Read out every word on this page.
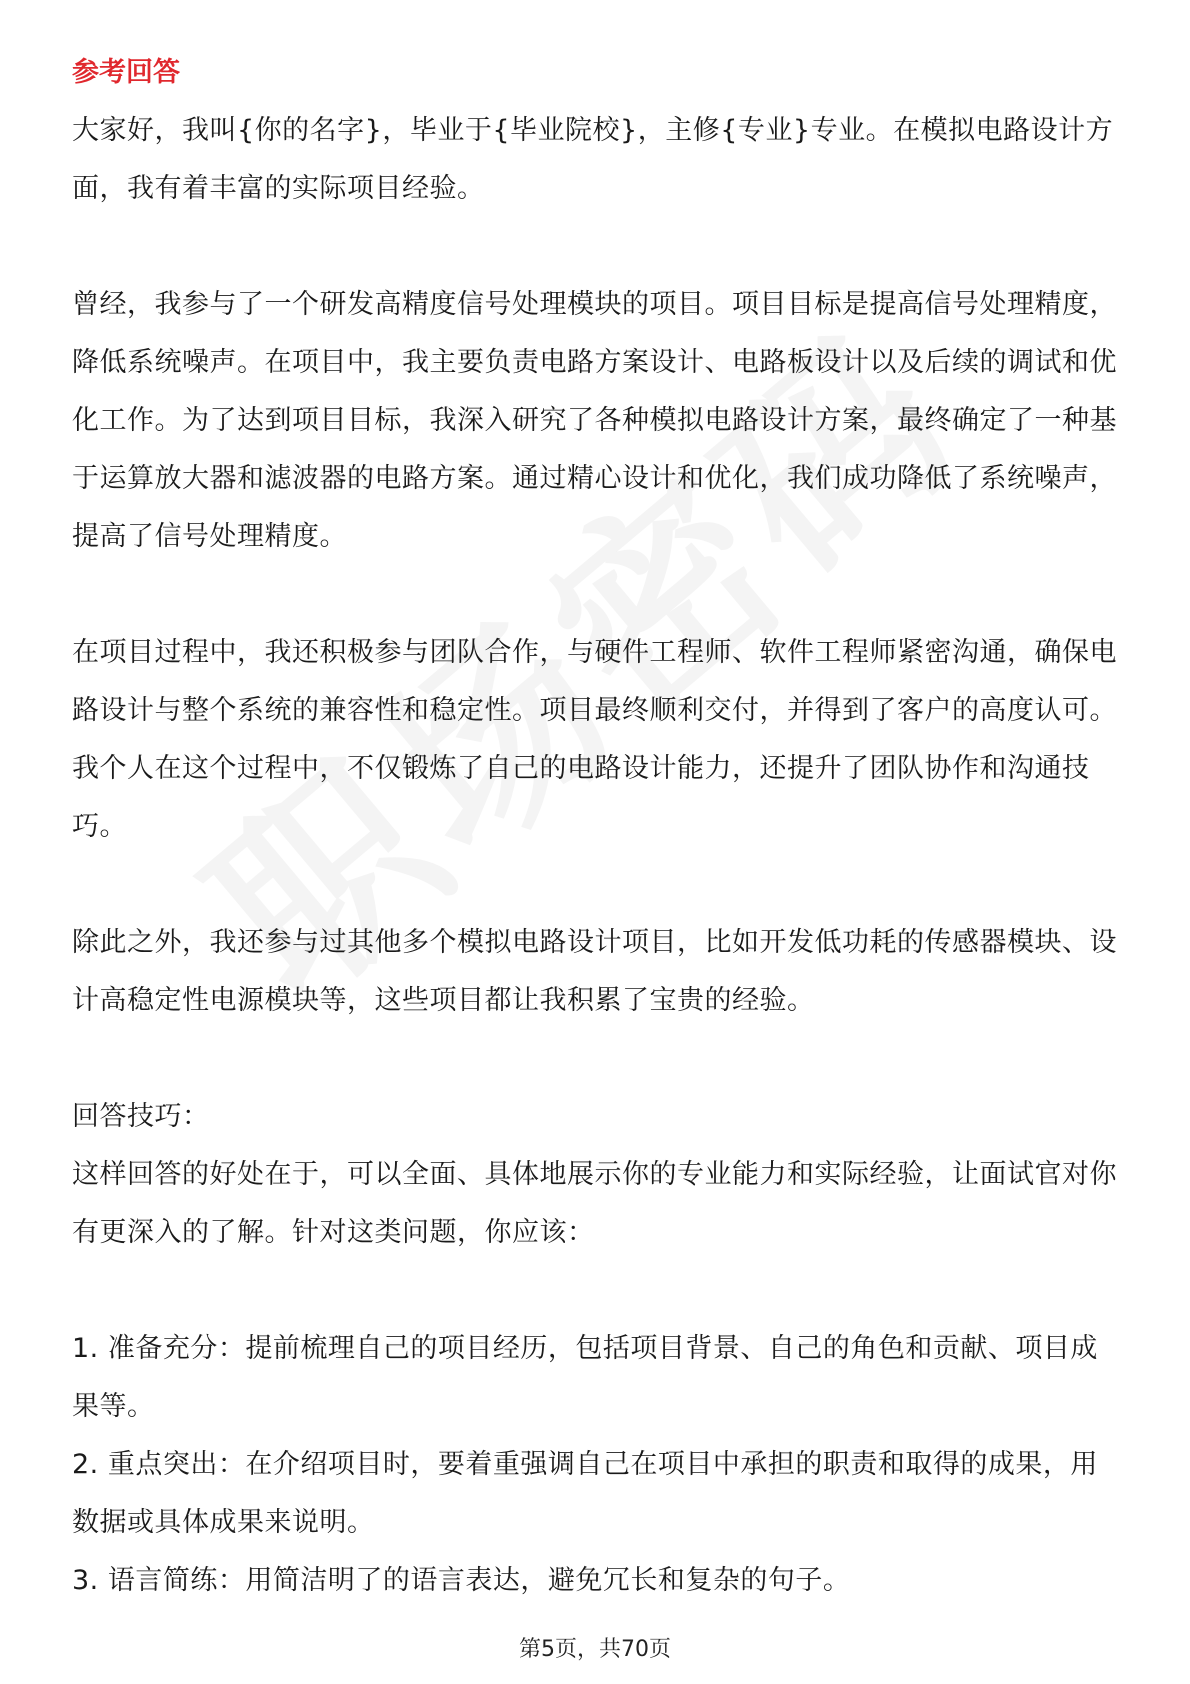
参考回答

大家好，我叫{你的名字}，毕业于{毕业院校}，主修{专业}专业。在模拟电路设计方面，我有着丰富的实际项目经验。

曾经，我参与了一个研发高精度信号处理模块的项目。项目目标是提高信号处理精度，降低系统噪声。在项目中，我主要负责电路方案设计、电路板设计以及后续的调试和优化工作。为了达到项目目标，我深入研究了各种模拟电路设计方案，最终确定了一种基于运算放大器和滤波器的电路方案。通过精心设计和优化，我们成功降低了系统噪声，提高了信号处理精度。

在项目过程中，我还积极参与团队合作，与硬件工程师、软件工程师紧密沟通，确保电路设计与整个系统的兼容性和稳定性。项目最终顺利交付，并得到了客户的高度认可。我个人在这个过程中，不仅锻炼了自己的电路设计能力，还提升了团队协作和沟通技巧。

除此之外，我还参与过其他多个模拟电路设计项目，比如开发低功耗的传感器模块、设计高稳定性电源模块等，这些项目都让我积累了宝贵的经验。

回答技巧：

这样回答的好处在于，可以全面、具体地展示你的专业能力和实际经验，让面试官对你有更深入的了解。针对这类问题，你应该：

1. 准备充分：提前梳理自己的项目经历，包括项目背景、自己的角色和贡献、项目成果等。

2. 重点突出：在介绍项目时，要着重强调自己在项目中承担的职责和取得的成果，用数据或具体成果来说明。

3. 语言简练：用简洁明了的语言表达，避免冗长和复杂的句子。

第5页，共70页
